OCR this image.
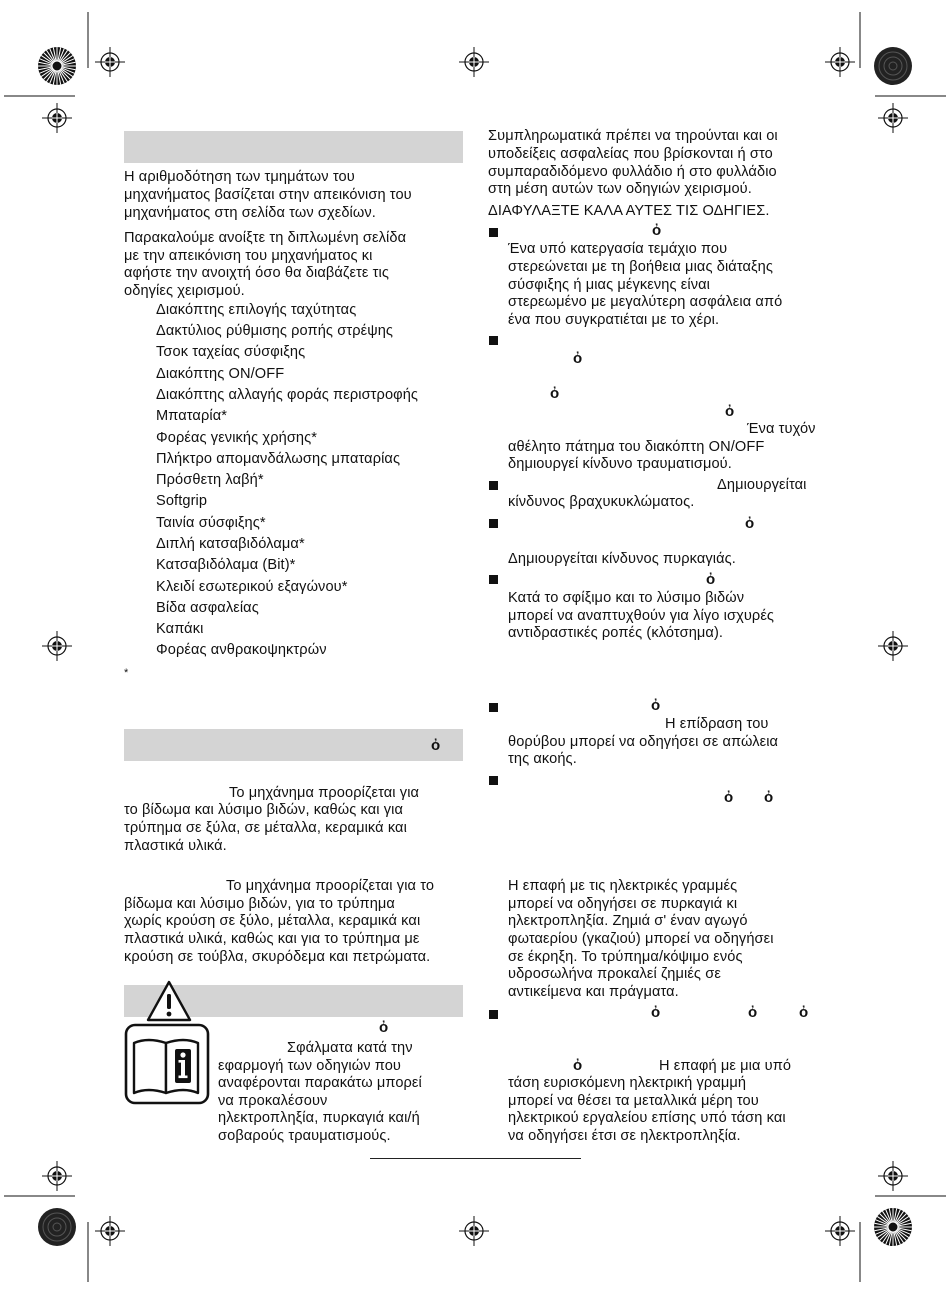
Η αριθμοδότηση των τμημάτων του
μηχανήματος βασίζεται στην απεικόνιση του
μηχανήματος στη σελίδα των σχεδίων.
Παρακαλούμε ανοίξτε τη διπλωμένη σελίδα
με την απεικόνιση του μηχανήματος κι
αφήστε την ανοιχτή όσο θα διαβάζετε τις
οδηγίες χειρισμού.
Διακόπτης επιλογής ταχύτητας
Δακτύλιος ρύθμισης ροπής στρέψης
Τσοκ ταχείας σύσφιξης
Διακόπτης ON/OFF
Διακόπτης αλλαγής φοράς περιστροφής
Μπαταρία*
Φορέας γενικής χρήσης*
Πλήκτρο απομανδάλωσης μπαταρίας
Πρόσθετη λαβή*
Softgrip
Ταινία σύσφιξης*
Διπλή κατσαβιδόλαμα*
Κατσαβιδόλαμα (Bit)*
Κλειδί εσωτερικού εξαγώνου*
Βίδα ασφαλείας
Καπάκι
Φορέας ανθρακοψηκτρών
*
ὀ
Το μηχάνημα προορίζεται για
το βίδωμα και λύσιμο βιδών, καθώς και για
τρύπημα σε ξύλα, σε μέταλλα, κεραμικά και
πλαστικά υλικά.
Το μηχάνημα προορίζεται για το
βίδωμα και λύσιμο βιδών, για το τρύπημα
χωρίς κρούση σε ξύλο, μέταλλα, κεραμικά και
πλαστικά υλικά, καθώς και για το τρύπημα με
κρούση σε τούβλα, σκυρόδεμα και πετρώματα.
ὀ
Σφάλματα κατά την
εφαρμογή των οδηγιών που
αναφέρονται παρακάτω μπορεί
να προκαλέσουν
ηλεκτροπληξία, πυρκαγιά και/ή
σοβαρούς τραυματισμούς.
Συμπληρωματικά πρέπει να τηρούνται και οι
υποδείξεις ασφαλείας που βρίσκονται ή στο
συμπαραδιδόμενο φυλλάδιο ή στο φυλλάδιο
στη μέση αυτών των οδηγιών χειρισμού.
ΔΙΑΦΥΛΑΞΤΕ ΚΑΛΑ ΑΥΤΕΣ ΤΙΣ ΟΔΗΓΙΕΣ.
ὀ
Ένα υπό κατεργασία τεμάχιο που
στερεώνεται με τη βοήθεια μιας διάταξης
σύσφιξης ή μιας μέγκενης είναι
στερεωμένο με μεγαλύτερη ασφάλεια από
ένα που συγκρατιέται με το χέρι.
ὀ
ὀ
ὀ
Ένα τυχόν
αθέλητο πάτημα του διακόπτη ON/OFF
δημιουργεί κίνδυνο τραυματισμού.
Δημιουργείται
κίνδυνος βραχυκυκλώματος.
ὀ
Δημιουργείται κίνδυνος πυρκαγιάς.
ὀ
Κατά το σφίξιμο και το λύσιμο βιδών
μπορεί να αναπτυχθούν για λίγο ισχυρές
αντιδραστικές ροπές (κλότσημα).
ὀ
Η επίδραση του
θορύβου μπορεί να οδηγήσει σε απώλεια
της ακοής.
ὀ ὀ
Η επαφή με τις ηλεκτρικές γραμμές
μπορεί να οδηγήσει σε πυρκαγιά κι
ηλεκτροπληξία. Ζημιά σ' έναν αγωγό
φωταερίου (γκαζιού) μπορεί να οδηγήσει
σε έκρηξη. Το τρύπημα/κόψιμο ενός
υδροσωλήνα προκαλεί ζημιές σε
αντικείμενα και πράγματα.
ὀ	ὀ	ὀ
ὀ	Η επαφή με μια υπό
τάση ευρισκόμενη ηλεκτρική γραμμή
μπορεί να θέσει τα μεταλλικά μέρη του
ηλεκτρικού εργαλείου επίσης υπό τάση και
να οδηγήσει έτσι σε ηλεκτροπληξία.
